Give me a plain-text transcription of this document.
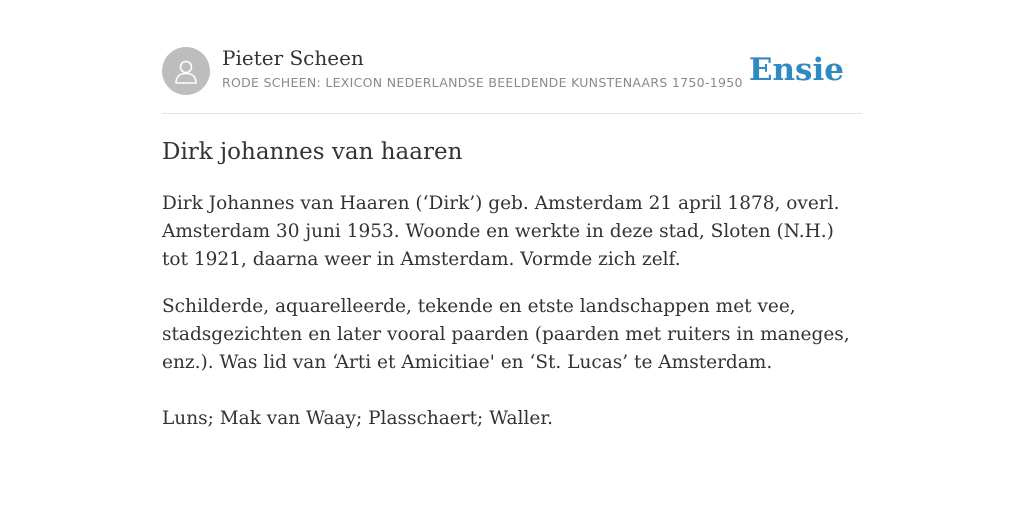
Pieter Scheen
RODE SCHEEN: LEXICON NEDERLANDSE BEELDENDE KUNSTENAARS 1750-1950 Ensie
Dirk johannes van haaren

Dirk Johannes van Haaren (‘Dirk’) geb. Amsterdam 21 april 1878, overl. Amsterdam 30 juni 1953. Woonde en werkte in deze stad, Sloten (N.H.) tot 1921, daarna weer in Amsterdam. Vormde zich zelf.

Schilderde, aquarelleerde, tekende en etste landschappen met vee, stadsgezichten en later vooral paarden (paarden met ruiters in maneges, enz.). Was lid van ‘Arti et Amicitiae' en ‘St. Lucas’ te Amsterdam.

Luns; Mak van Waay; Plasschaert; Waller.
